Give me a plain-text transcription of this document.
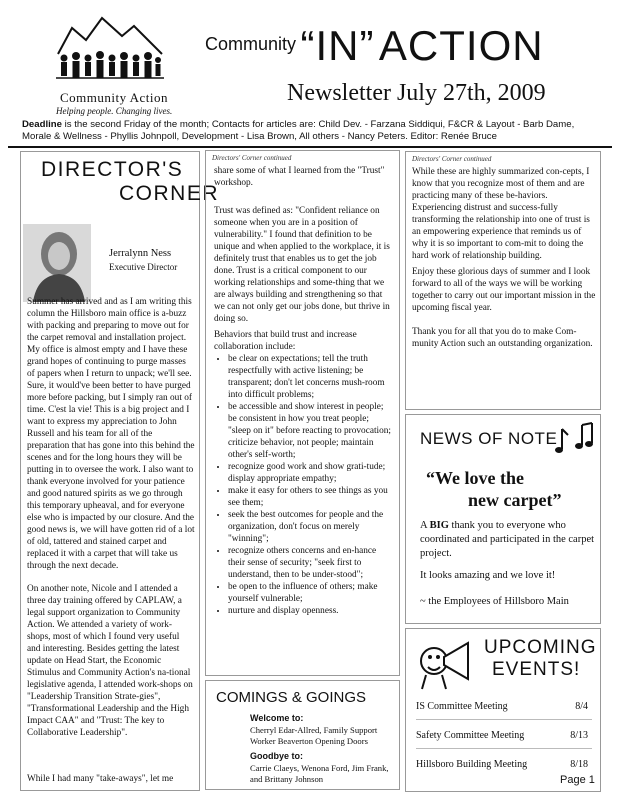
Community Action
Helping people. Changing lives.
Community “IN” ACTION
Newsletter July 27th, 2009
Deadline is the second Friday of the month; Contacts for articles are: Child Dev. - Farzana Siddiqui, F&CR & Layout - Barb Dame, Morale & Wellness - Phyllis Johnpoll, Development - Lisa Brown, All others - Nancy Peters. Editor: Renée Bruce
DIRECTOR'S
CORNER
Jerralynn Ness
Executive Director
Summer has arrived and as I am writing this column the Hillsboro main office is a-buzz with packing and preparing to move out for the carpet removal and installation project. My office is almost empty and I have these grand hopes of continuing to purge masses of papers when I return to unpack; we'll see. Sure, it would've been better to have purged more before packing, but I simply ran out of time. C'est la vie! This is a big project and I want to express my appreciation to John Russell and his team for all of the preparation that has gone into this behind the scenes and for the long hours they will be putting in to oversee the work. I also want to thank everyone involved for your patience and good natured spirits as we go through this temporary upheaval, and for everyone else who is impacted by our closure. And the good news is, we will have gotten rid of a lot of old, tattered and stained carpet and replaced it with a carpet that will take us through the next decade.
On another note, Nicole and I attended a three day training offered by CAPLAW, a legal support organization to Community Action. We attended a variety of work-shops, most of which I found very useful and interesting. Besides getting the latest update on Head Start, the Economic Stimulus and Community Action's na-tional legislative agenda, I attended work-shops on "Leadership Transition Strate-gies", "Transformational Leadership and the High Impact CAA" and "Trust: The key to Collaborative Leadership".
While I had many "take-aways", let me
Directors' Corner continued
share some of what I learned from the "Trust" workshop.
Trust was defined as: "Confident reliance on someone when you are in a position of vulnerability." I found that definition to be unique and when applied to the workplace, it is definitely trust that enables us to get the job done. Trust is a critical component to our working relationships and some-thing that we are always building and strengthening so that we can not only get our jobs done, but thrive in doing so.
Behaviors that build trust and increase collaboration include:
• be clear on expectations; tell the truth respectfully with active listening; be transparent; don't let concerns mush-room into difficult problems;
• be accessible and show interest in people; be consistent in how you treat people; "sleep on it" before reacting to provocation; criticize behavior, not people; maintain other's self-worth;
• recognize good work and show grati-tude; display appropriate empathy;
• make it easy for others to see things as you see them;
• seek the best outcomes for people and the organization, don't focus on merely "winning";
• recognize others concerns and en-hance their sense of security; "seek first to understand, then to be under-stood";
• be open to the influence of others; make yourself vulnerable;
• nurture and display openness.
Directors' Corner continued
While these are highly summarized con-cepts, I know that you recognize most of them and are practicing many of these be-haviors. Experiencing distrust and success-fully transforming the relationship into one of trust is an empowering experience that reminds us of why it is so important to com-mit to doing the hard work of relationship building.
Enjoy these glorious days of summer and I look forward to all of the ways we will be working together to carry out our important mission in the upcoming fiscal year.
Thank you for all that you do to make Com-munity Action such an outstanding organization.
NEWS OF NOTE
“We love the
new carpet”
A BIG thank you to everyone who coordinated and participated in the carpet project.
It looks amazing and we love it!
~ the Employees of Hillsboro Main
COMINGS & GOINGS
Welcome to:
Cherryl Edar-Allred, Family Support Worker Beaverton Opening Doors
Goodbye to:
Carrie Claeys, Wenona Ford, Jim Frank, and Brittany Johnson
UPCOMING
EVENTS!
IS Committee Meeting	8/4
Safety Committee Meeting	8/13
Hillsboro Building Meeting	8/18
Page 1
